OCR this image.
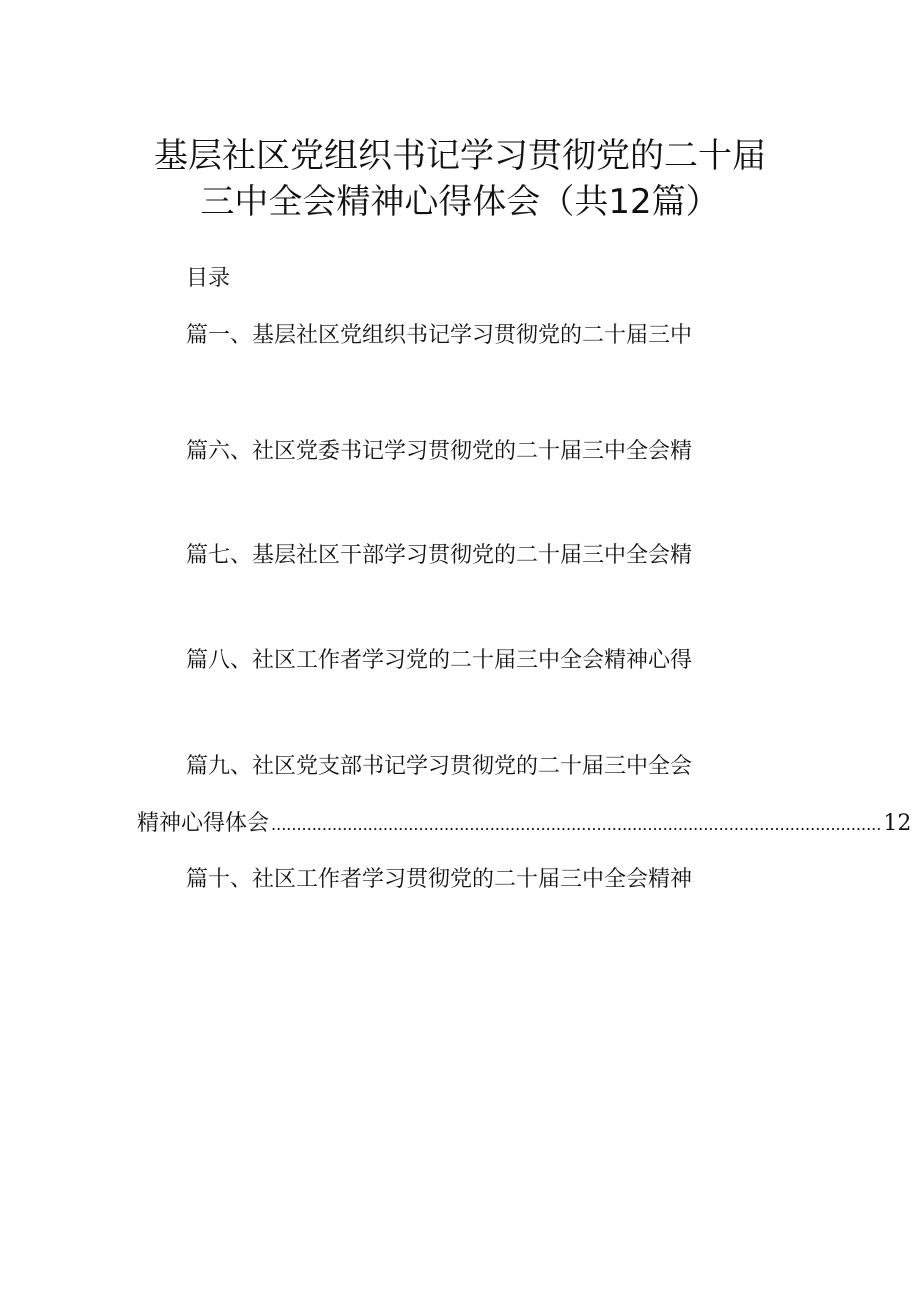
基层社区党组织书记学习贯彻党的二十届
三中全会精神心得体会（共12篇）
目录
篇一、基层社区党组织书记学习贯彻党的二十届三中
篇六、社区党委书记学习贯彻党的二十届三中全会精
篇七、基层社区干部学习贯彻党的二十届三中全会精
篇八、社区工作者学习党的二十届三中全会精神心得
篇九、社区党支部书记学习贯彻党的二十届三中全会
精神心得体会 ........................................................................................................................ 12
篇十、社区工作者学习贯彻党的二十届三中全会精神
